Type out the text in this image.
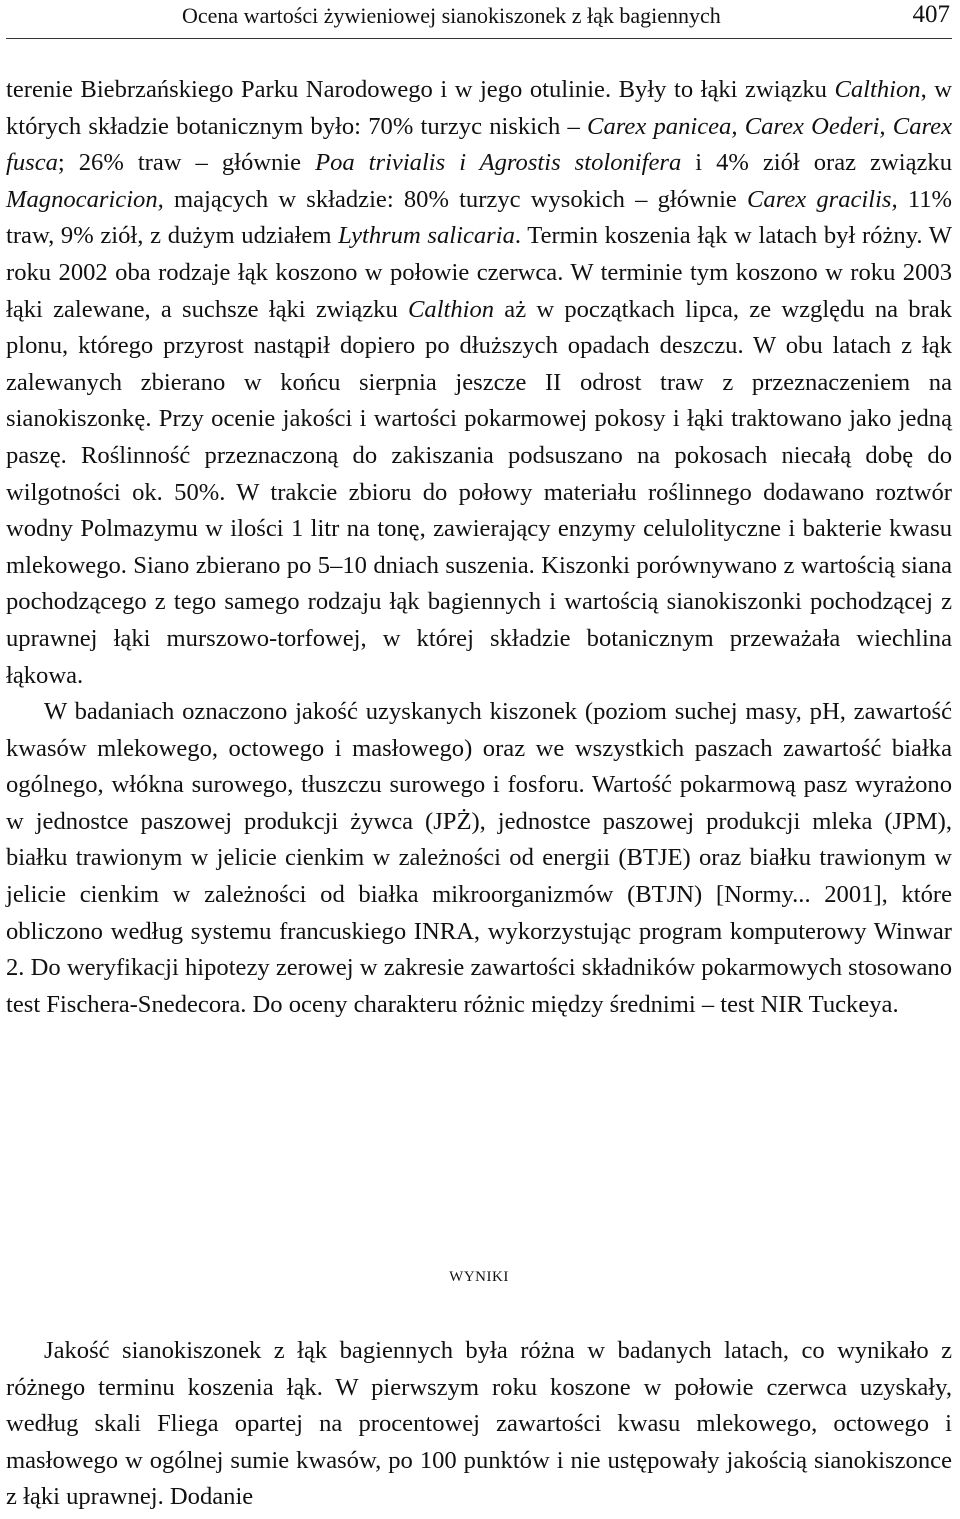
Ocena wartości żywieniowej sianokiszonek z łąk bagiennych	407

terenie Biebrzańskiego Parku Narodowego i w jego otulinie. Były to łąki związku Calthion, w których składzie botanicznym było: 70% turzyc niskich – Carex panicea, Carex Oederi, Carex fusca; 26% traw – głównie Poa trivialis i Agrostis stolonifera i 4% ziół oraz związku Magnocaricion, mających w składzie: 80% turzyc wysokich – głównie Carex gracilis, 11% traw, 9% ziół, z dużym udziałem Lythrum salicaria. Termin koszenia łąk w latach był różny. W roku 2002 oba rodzaje łąk koszono w połowie czerwca. W terminie tym koszono w roku 2003 łąki zalewane, a suchsze łąki związku Calthion aż w początkach lipca, ze względu na brak plonu, którego przyrost nastąpił dopiero po dłuższych opadach deszczu. W obu latach z łąk zalewanych zbierano w końcu sierpnia jeszcze II odrost traw z przeznaczeniem na sianokiszonkę. Przy ocenie jakości i wartości pokarmowej pokosy i łąki traktowano jako jedną paszę. Roślinność przeznaczoną do zakiszania podsuszano na pokosach niecałą dobę do wilgotności ok. 50%. W trakcie zbioru do połowy materiału roślinnego dodawano roztwór wodny Polmazymu w ilości 1 litr na tonę, zawierający enzymy celulolityczne i bakterie kwasu mlekowego. Siano zbierano po 5–10 dniach suszenia. Kiszonki porównywano z wartością siana pochodzącego z tego samego rodzaju łąk bagiennych i wartością sianokiszonki pochodzącej z uprawnej łąki murszowo-torfowej, w której składzie botanicznym przeważała wiechlina łąkowa.

W badaniach oznaczono jakość uzyskanych kiszonek (poziom suchej masy, pH, zawartość kwasów mlekowego, octowego i masłowego) oraz we wszystkich paszach zawartość białka ogólnego, włókna surowego, tłuszczu surowego i fosforu. Wartość pokarmową pasz wyrażono w jednostce paszowej produkcji żywca (JPŻ), jednostce paszowej produkcji mleka (JPM), białku trawionym w jelicie cienkim w zależności od energii (BTJE) oraz białku trawionym w jelicie cienkim w zależności od białka mikroorganizmów (BTJN) [Normy... 2001], które obliczono według systemu francuskiego INRA, wykorzystując program komputerowy Winwar 2. Do weryfikacji hipotezy zerowej w zakresie zawartości składników pokarmowych stosowano test Fischera-Snedecora. Do oceny charakteru różnic między średnimi – test NIR Tuckeya.

WYNIKI

Jakość sianokiszonek z łąk bagiennych była różna w badanych latach, co wynikało z różnego terminu koszenia łąk. W pierwszym roku koszone w połowie czerwca uzyskały, według skali Fliega opartej na procentowej zawartości kwasu mlekowego, octowego i masłowego w ogólnej sumie kwasów, po 100 punktów i nie ustępowały jakością sianokiszonce z łąki uprawnej. Dodanie
